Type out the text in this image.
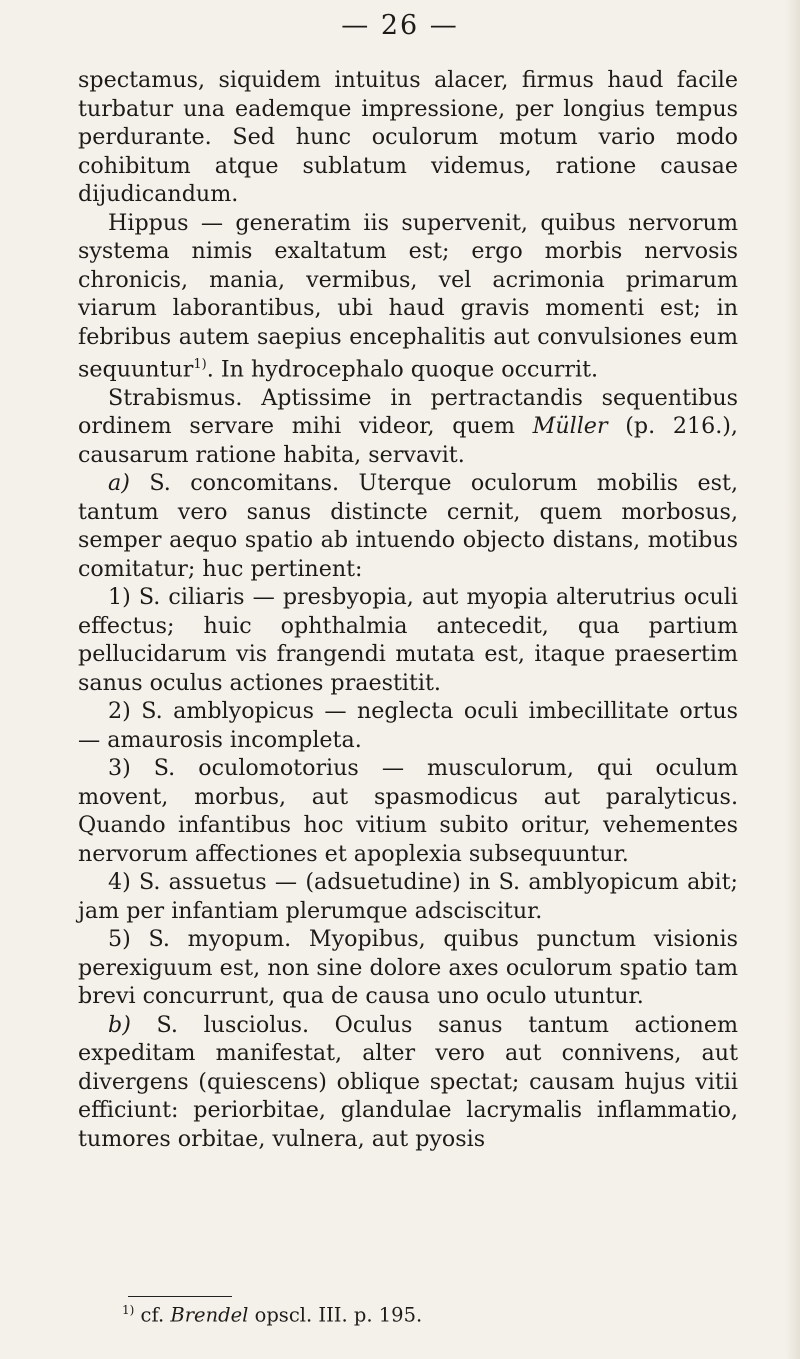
— 26 —

spectamus, siquidem intuitus alacer, firmus haud facile turbatur una eademque impressione, per longius tempus perdurante. Sed hunc oculorum motum vario modo cohibitum atque sublatum videmus, ratione causae dijudicandum.

Hippus — generatim iis supervenit, quibus nervorum systema nimis exaltatum est; ergo morbis nervosis chronicis, mania, vermibus, vel acrimonia primarum viarum laborantibus, ubi haud gravis momenti est; in febribus autem saepius encephalitis aut convulsiones eum sequuntur$^{1)}$. In hydrocephalo quoque occurrit.

Strabismus. Aptissime in pertractandis sequentibus ordinem servare mihi videor, quem Müller (p. 216.), causarum ratione habita, servavit.

a) S. concomitans. Uterque oculorum mobilis est, tantum vero sanus distincte cernit, quem morbosus, semper aequo spatio ab intuendo objecto distans, motibus comitatur; huc pertinent:

1) S. ciliaris — presbyopia, aut myopia alterutrius oculi effectus; huic ophthalmia antecedit, qua partium pellucidarum vis frangendi mutata est, itaque praesertim sanus oculus actiones praestitit.

2) S. amblyopicus — neglecta oculi imbecillitate ortus — amaurosis incompleta.

3) S. oculomotorius — musculorum, qui oculum movent, morbus, aut spasmodicus aut paralyticus. Quando infantibus hoc vitium subito oritur, vehementes nervorum affectiones et apoplexia subsequuntur.

4) S. assuetus — (adsuetudine) in S. amblyopicum abit; jam per infantiam plerumque adsciscitur.

5) S. myopum. Myopibus, quibus punctum visionis perexiguum est, non sine dolore axes oculorum spatio tam brevi concurrunt, qua de causa uno oculo utuntur.

b) S. lusciolus. Oculus sanus tantum actionem expeditam manifestat, alter vero aut connivens, aut divergens (quiescens) oblique spectat; causam hujus vitii efficiunt: periorbitae, glandulae lacrymalis inflammatio, tumores orbitae, vulnera, aut pyosis

$^{1)}$ cf. Brendel opscl. III. p. 195.
